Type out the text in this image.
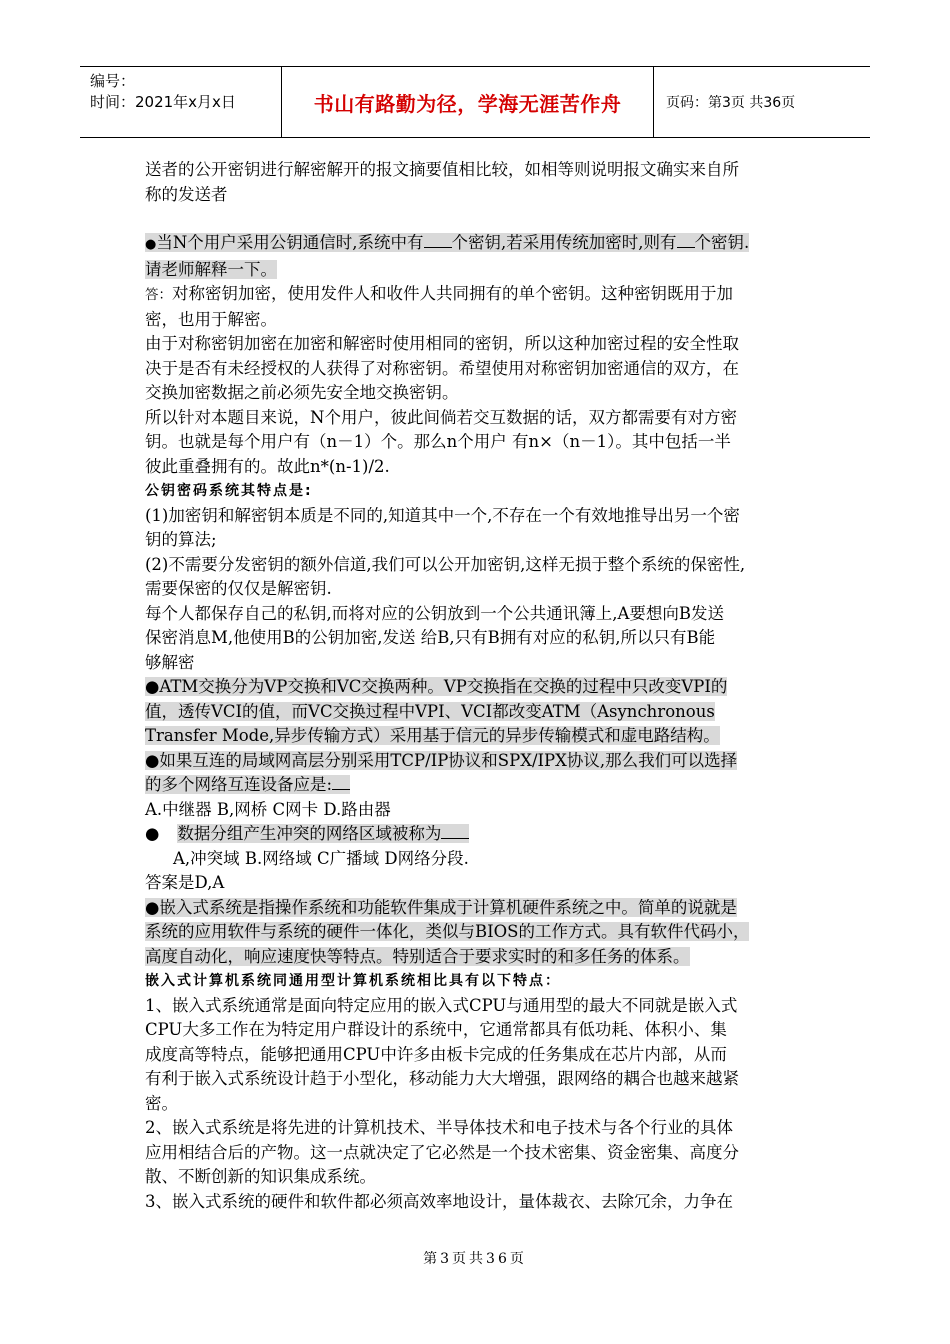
编号：
时间：2021年x月x日	书山有路勤为径，学海无涯苦作舟	页码：第3页 共36页

送者的公开密钥进行解密解开的报文摘要值相比较，如相等则说明报文确实来自所

称的发送者

●当N个用户采用公钥通信时,系统中有 个密钥,若采用传统加密时,则有 个密钥.

请老师解释一下。

答：对称密钥加密，使用发件人和收件人共同拥有的单个密钥。这种密钥既用于加

密，也用于解密。

由于对称密钥加密在加密和解密时使用相同的密钥，所以这种加密过程的安全性取

决于是否有未经授权的人获得了对称密钥。希望使用对称密钥加密通信的双方，在

交换加密数据之前必须先安全地交换密钥。

所以针对本题目来说，N个用户，彼此间倘若交互数据的话，双方都需要有对方密

钥。也就是每个用户有（n－1）个。那么n个用户 有n×（n－1）。其中包括一半

彼此重叠拥有的。故此n*(n-1)/2.

公钥密码系统其特点是:

(1)加密钥和解密钥本质是不同的,知道其中一个,不存在一个有效地推导出另一个密

钥的算法;

(2)不需要分发密钥的额外信道,我们可以公开加密钥,这样无损于整个系统的保密性,

需要保密的仅仅是解密钥.

每个人都保存自己的私钥,而将对应的公钥放到一个公共通讯簿上,A要想向B发送

保密消息M,他使用B的公钥加密,发送 给B,只有B拥有对应的私钥,所以只有B能

够解密

●ATM交换分为VP交换和VC交换两种。VP交换指在交换的过程中只改变VPI的

值，透传VCI的值，而VC交换过程中VPI、VCI都改变ATM（Asynchronous

Transfer Mode,异步传输方式）采用基于信元的异步传输模式和虚电路结构。

●如果互连的局域网高层分别采用TCP/IP协议和SPX/IPX协议,那么我们可以选择

的多个网络互连设备应是:

A.中继器 B,网桥 C网卡 D.路由器

● 数据分组产生冲突的网络区域被称为

A,冲突域 B.网络域 C广播域 D网络分段.

答案是D,A

●嵌入式系统是指操作系统和功能软件集成于计算机硬件系统之中。简单的说就是

系统的应用软件与系统的硬件一体化，类似与BIOS的工作方式。具有软件代码小，

高度自动化，响应速度快等特点。特别适合于要求实时的和多任务的体系。

嵌入式计算机系统同通用型计算机系统相比具有以下特点：

1、嵌入式系统通常是面向特定应用的嵌入式CPU与通用型的最大不同就是嵌入式

CPU大多工作在为特定用户群设计的系统中，它通常都具有低功耗、体积小、集

成度高等特点，能够把通用CPU中许多由板卡完成的任务集成在芯片内部，从而

有利于嵌入式系统设计趋于小型化，移动能力大大增强，跟网络的耦合也越来越紧

密。

2、嵌入式系统是将先进的计算机技术、半导体技术和电子技术与各个行业的具体

应用相结合后的产物。这一点就决定了它必然是一个技术密集、资金密集、高度分

散、不断创新的知识集成系统。

3、嵌入式系统的硬件和软件都必须高效率地设计，量体裁衣、去除冗余，力争在

第3页共36页
